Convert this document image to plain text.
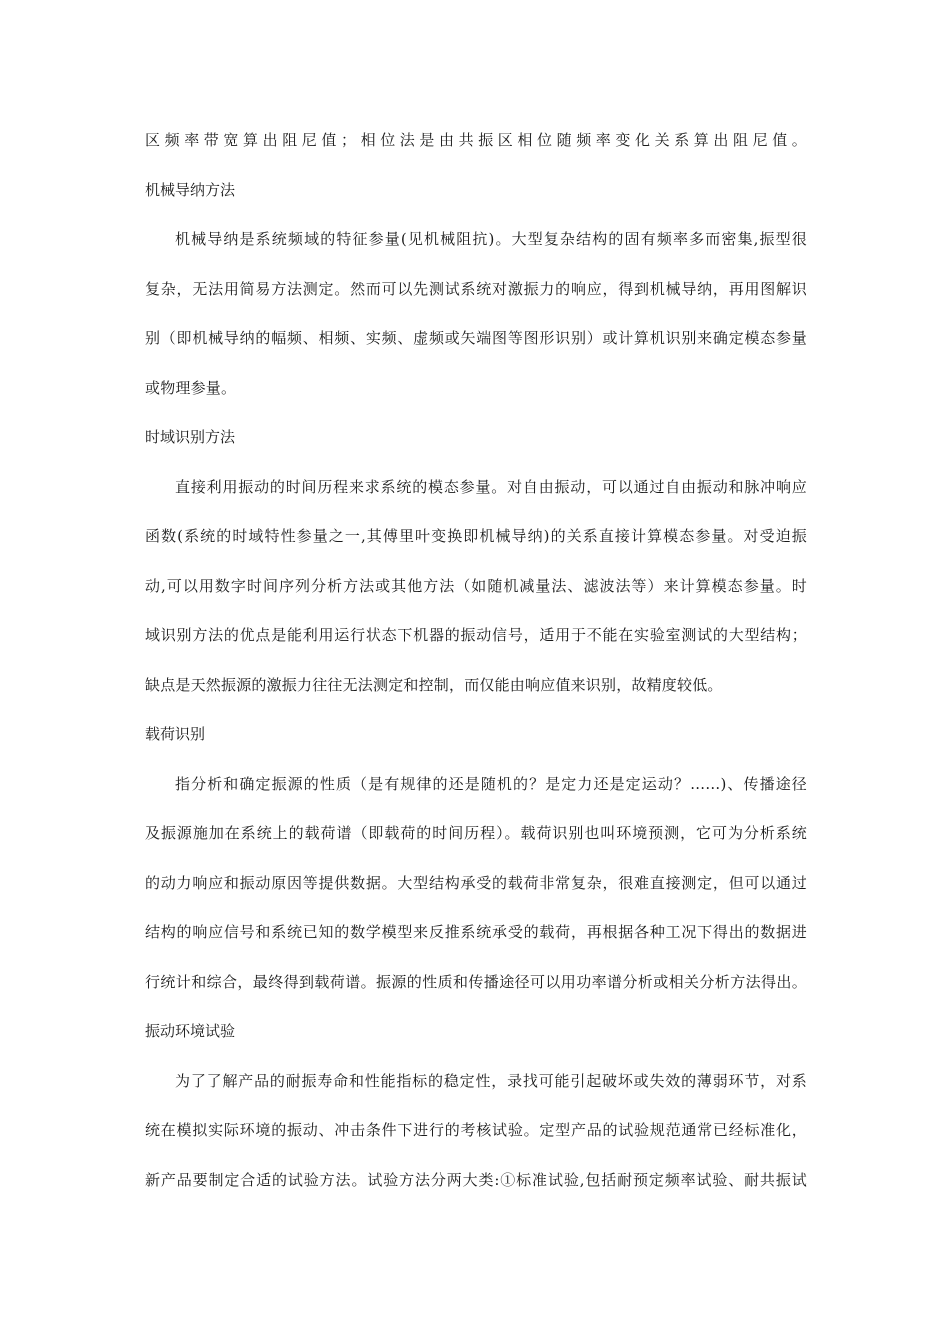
区频率带宽算出阻尼值；相位法是由共振区相位随频率变化关系算出阻尼值。
机械导纳方法
机械导纳是系统频域的特征参量(见机械阻抗)。大型复杂结构的固有频率多而密集,振型很
复杂，无法用简易方法测定。然而可以先测试系统对激振力的响应，得到机械导纳，再用图解识
别（即机械导纳的幅频、相频、实频、虚频或矢端图等图形识别）或计算机识别来确定模态参量
或物理参量。
时域识别方法
直接利用振动的时间历程来求系统的模态参量。对自由振动，可以通过自由振动和脉冲响应
函数(系统的时域特性参量之一,其傅里叶变换即机械导纳)的关系直接计算模态参量。对受迫振
动,可以用数字时间序列分析方法或其他方法（如随机减量法、滤波法等）来计算模态参量。时
域识别方法的优点是能利用运行状态下机器的振动信号，适用于不能在实验室测试的大型结构；
缺点是天然振源的激振力往往无法测定和控制，而仅能由响应值来识别，故精度较低。
载荷识别
指分析和确定振源的性质（是有规律的还是随机的？是定力还是定运动？……)、传播途径
及振源施加在系统上的载荷谱（即载荷的时间历程）。载荷识别也叫环境预测，它可为分析系统
的动力响应和振动原因等提供数据。大型结构承受的载荷非常复杂，很难直接测定，但可以通过
结构的响应信号和系统已知的数学模型来反推系统承受的载荷，再根据各种工况下得出的数据进
行统计和综合，最终得到载荷谱。振源的性质和传播途径可以用功率谱分析或相关分析方法得出。
振动环境试验
为了了解产品的耐振寿命和性能指标的稳定性，录找可能引起破坏或失效的薄弱环节，对系
统在模拟实际环境的振动、冲击条件下进行的考核试验。定型产品的试验规范通常已经标准化，
新产品要制定合适的试验方法。试验方法分两大类:①标准试验,包括耐预定频率试验、耐共振试
